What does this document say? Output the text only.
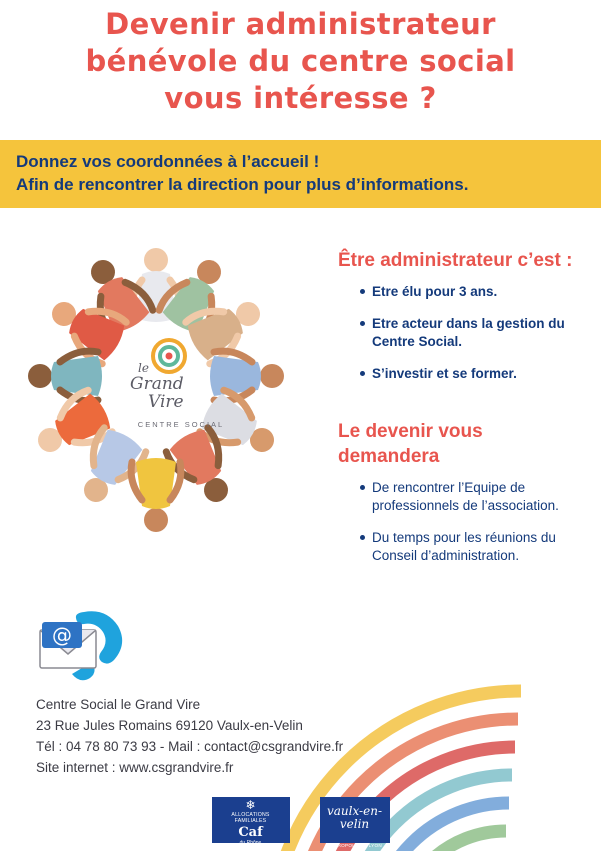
Devenir administrateur
bénévole du centre social
vous intéresse ?
Donnez vos coordonnées à l’accueil !
Afin de rencontrer la direction pour plus d’informations.
le
Grand
Vire
CENTRE SOCIAL
Être administrateur c’est :
Etre élu pour 3 ans.
Etre acteur dans la gestion du Centre Social.
S’investir et se former.
Le devenir vous demandera
De rencontrer l’Equipe de professionnels de l’association.
Du temps pour les réunions du Conseil d’administration.
@
Centre Social le Grand Vire
23 Rue Jules Romains 69120 Vaulx-en-Velin
Tél : 04 78 80 73 93 - Mail : contact@csgrandvire.fr
Site internet : www.csgrandvire.fr
❄
ALLOCATIONS
FAMILIALES
Caf
du Rhône
vaulx-en-velin
MÉTROPOLE DE LYON
